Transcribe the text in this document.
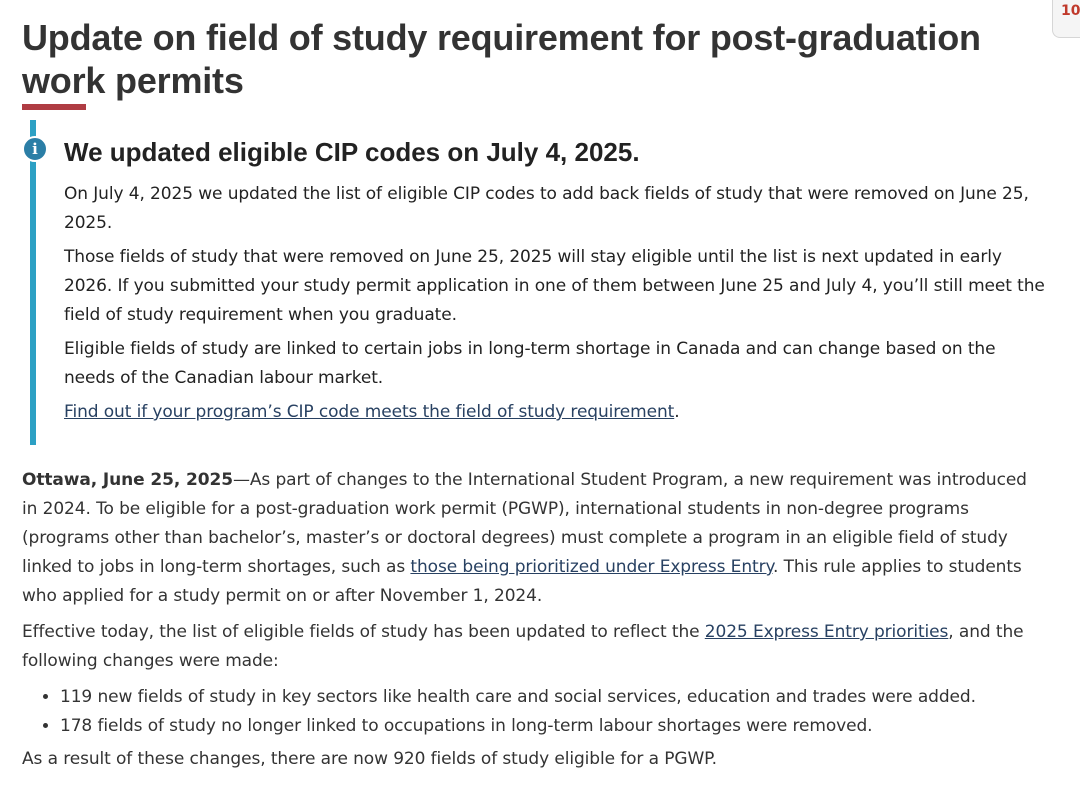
10
Update on field of study requirement for post-graduation work permits
i	We updated eligible CIP codes on July 4, 2025.

On July 4, 2025 we updated the list of eligible CIP codes to add back fields of study that were removed on June 25, 2025.

Those fields of study that were removed on June 25, 2025 will stay eligible until the list is next updated in early 2026. If you submitted your study permit application in one of them between June 25 and July 4, you’ll still meet the field of study requirement when you graduate.

Eligible fields of study are linked to certain jobs in long-term shortage in Canada and can change based on the needs of the Canadian labour market.

Find out if your program’s CIP code meets the field of study requirement.

Ottawa, June 25, 2025—As part of changes to the International Student Program, a new requirement was introduced in 2024. To be eligible for a post-graduation work permit (PGWP), international students in non-degree programs (programs other than bachelor’s, master’s or doctoral degrees) must complete a program in an eligible field of study linked to jobs in long-term shortages, such as those being prioritized under Express Entry. This rule applies to students who applied for a study permit on or after November 1, 2024.

Effective today, the list of eligible fields of study has been updated to reflect the 2025 Express Entry priorities, and the following changes were made:

• 119 new fields of study in key sectors like health care and social services, education and trades were added.
• 178 fields of study no longer linked to occupations in long-term labour shortages were removed.

As a result of these changes, there are now 920 fields of study eligible for a PGWP.
